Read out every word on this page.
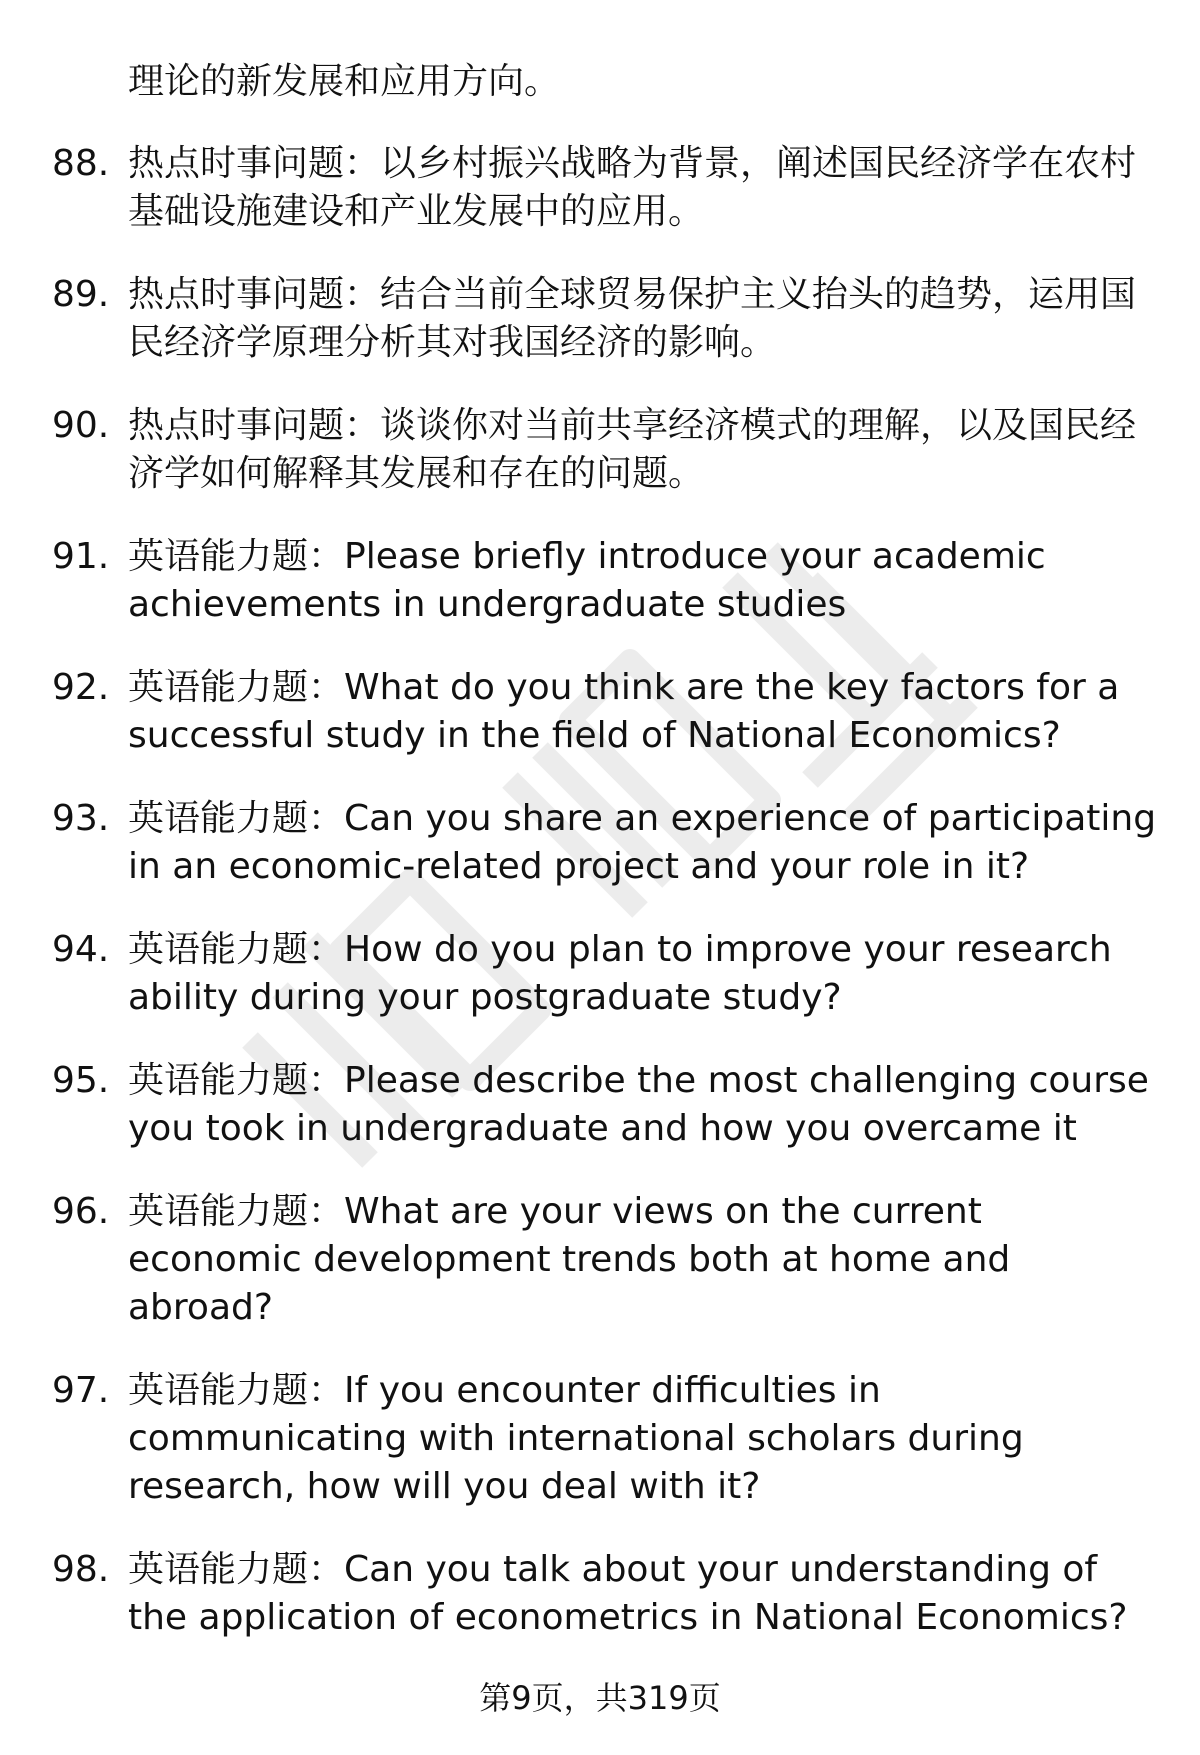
理论的新发展和应用方向。
88. 热点时事问题：以乡村振兴战略为背景，阐述国民经济学在农村基础设施建设和产业发展中的应用。
89. 热点时事问题：结合当前全球贸易保护主义抬头的趋势，运用国民经济学原理分析其对我国经济的影响。
90. 热点时事问题：谈谈你对当前共享经济模式的理解，以及国民经济学如何解释其发展和存在的问题。
91. 英语能力题：Please briefly introduce your academic achievements in undergraduate studies
92. 英语能力题：What do you think are the key factors for a successful study in the field of National Economics?
93. 英语能力题：Can you share an experience of participating in an economic-related project and your role in it?
94. 英语能力题：How do you plan to improve your research ability during your postgraduate study?
95. 英语能力题：Please describe the most challenging course you took in undergraduate and how you overcame it
96. 英语能力题：What are your views on the current economic development trends both at home and abroad?
97. 英语能力题：If you encounter difficulties in communicating with international scholars during research, how will you deal with it?
98. 英语能力题：Can you talk about your understanding of the application of econometrics in National Economics?
第9页，共319页
